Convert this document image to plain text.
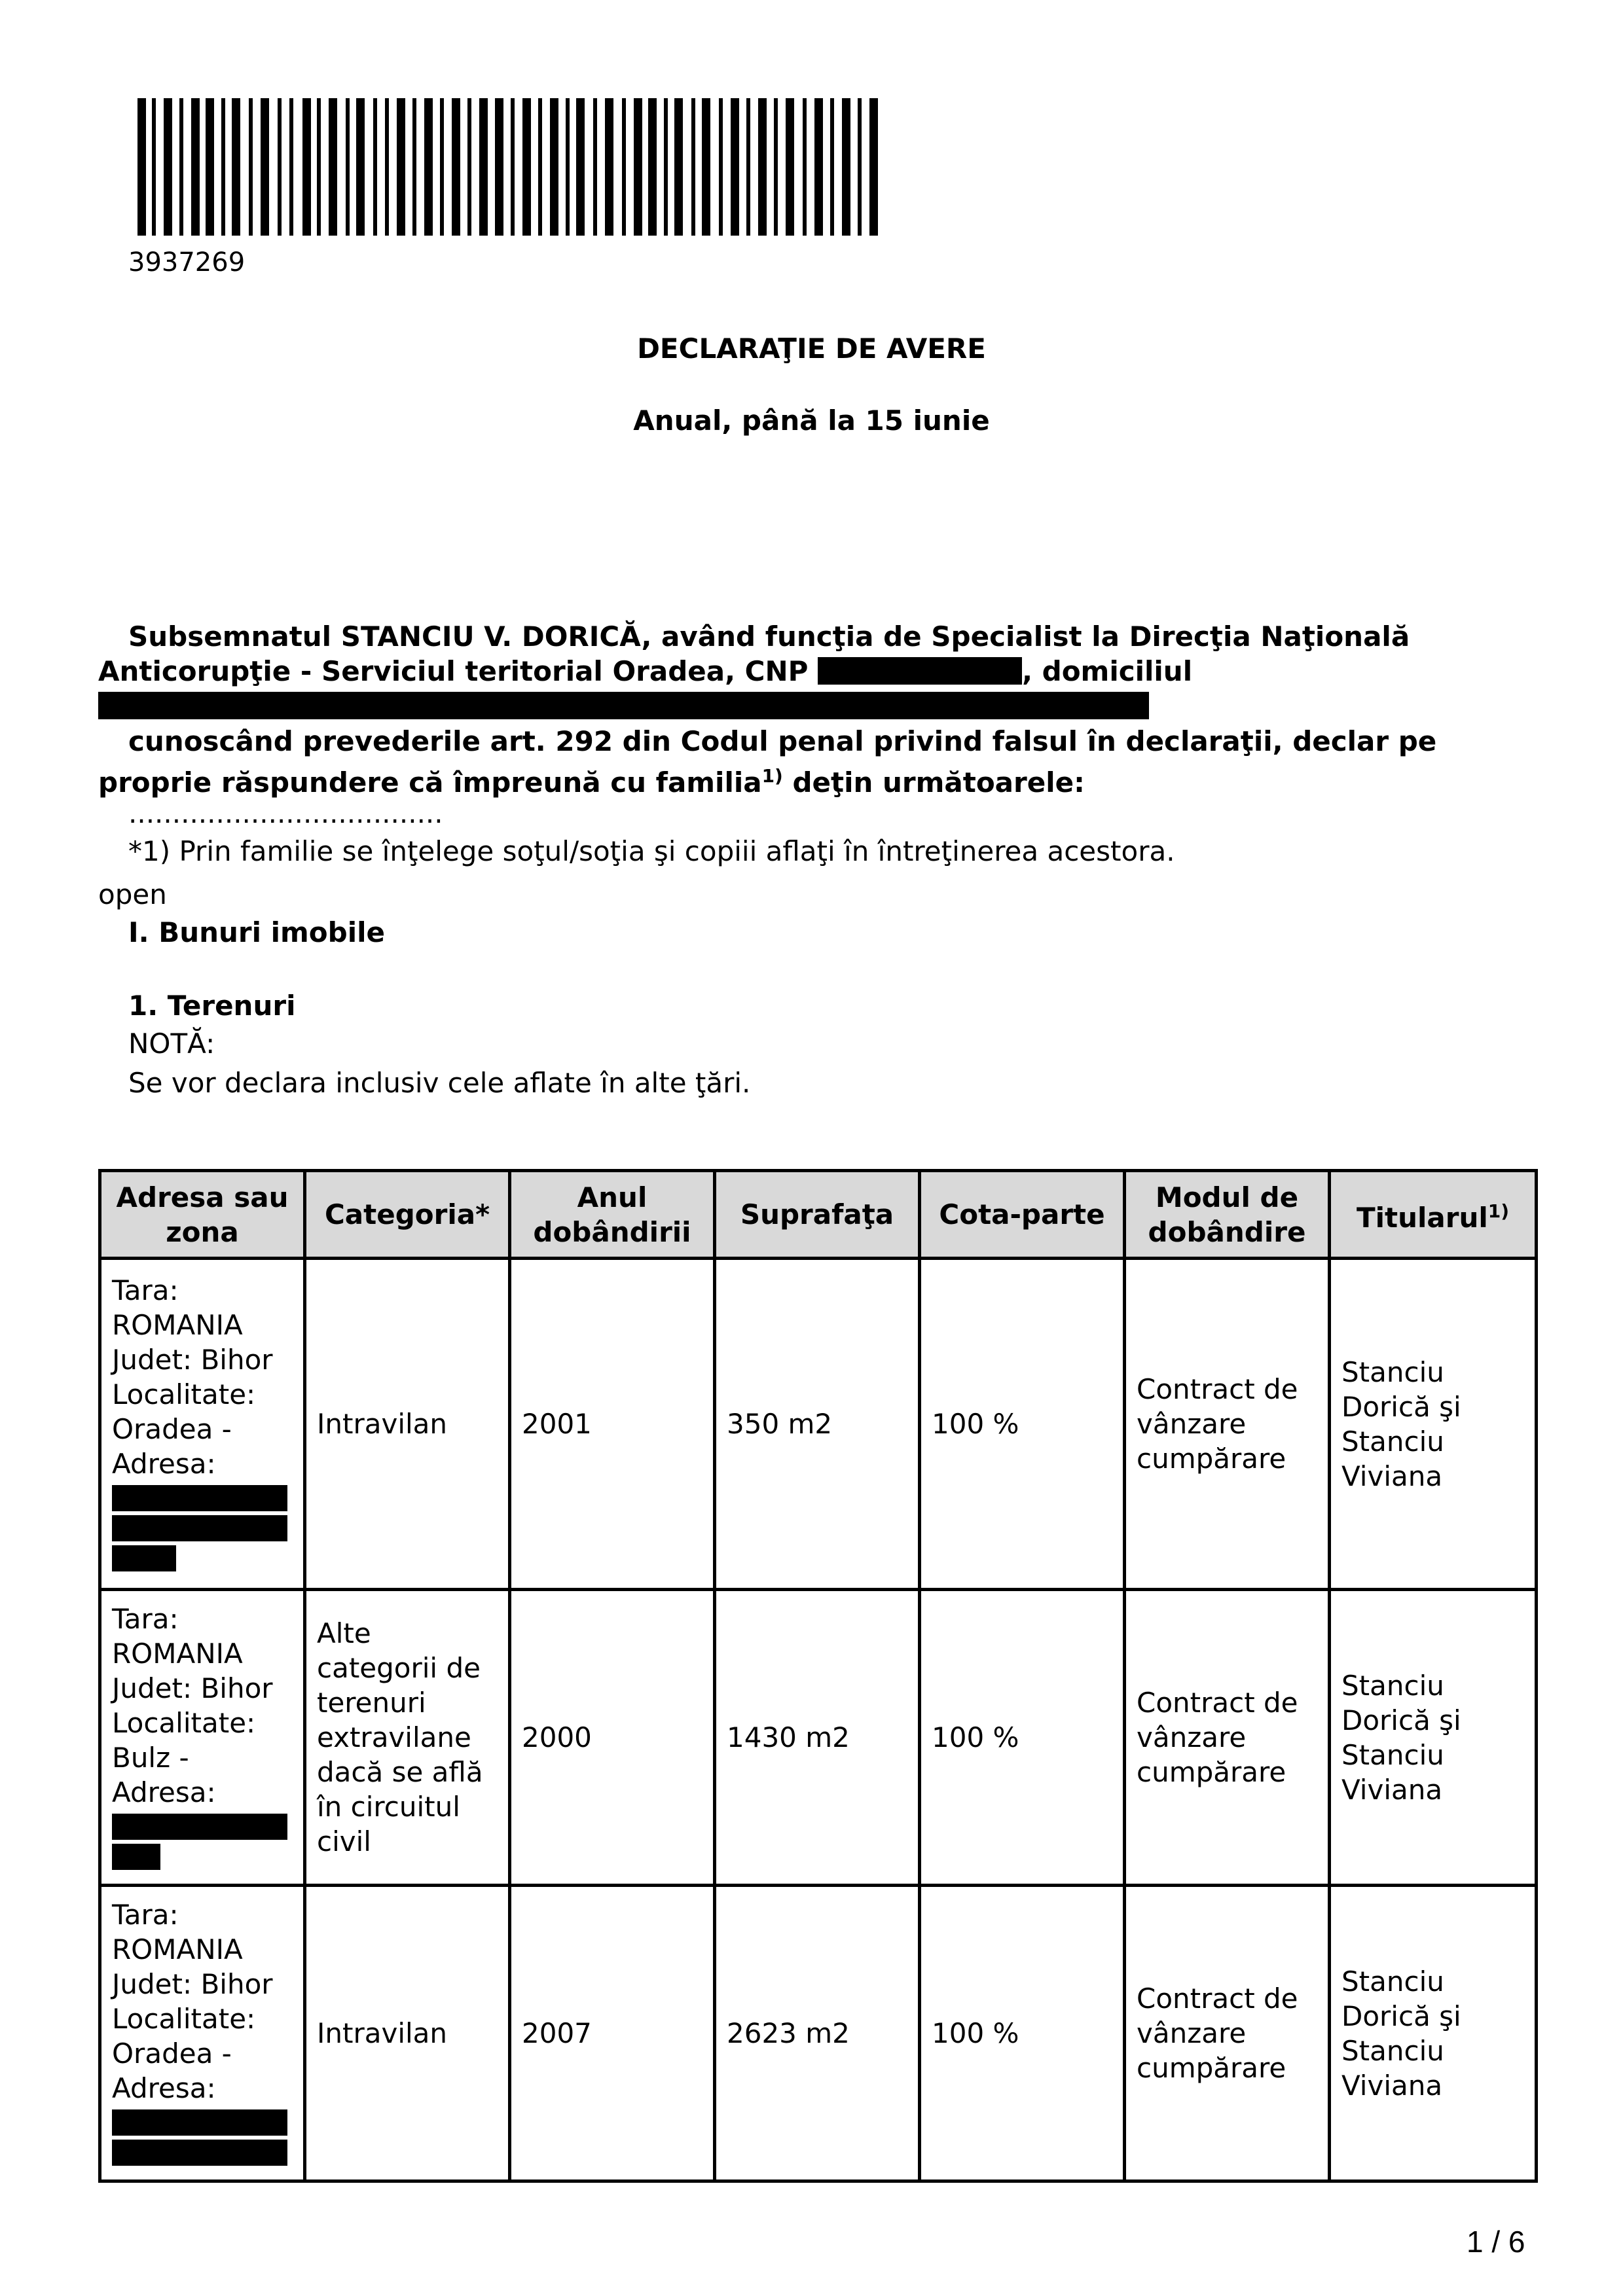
3937269
DECLARAŢIE DE AVERE
Anual, până la 15 iunie
Subsemnatul STANCIU V. DORICĂ, având funcţia de Specialist la Direcţia Naţională Anticorupţie - Serviciul teritorial Oradea, CNP	, domiciliul
cunoscând prevederile art. 292 din Codul penal privind falsul în declaraţii, declar pe proprie răspundere că împreună cu familia$^{1)}$ deţin următoarele:
....................................
*1) Prin familie se înţelege soţul/soţia şi copiii aflaţi în întreţinerea acestora.
open
I. Bunuri imobile
1. Terenuri
NOTĂ:
Se vor declara inclusiv cele aflate în alte ţări.
Adresa sau zona	Categoria*	Anul dobândirii	Suprafaţa	Cota-parte	Modul de dobândire	Titularul$^{1)}$

Tara: ROMANIA
Judet: Bihor
Localitate:
Oradea -
Adresa:	Intravilan	2001	350 m2	100 %	Contract de vânzare cumpărare	Stanciu Dorică şi Stanciu Viviana

Tara: ROMANIA
Judet: Bihor
Localitate:
Bulz -
Adresa:	Alte categorii de terenuri extravilane dacă se află în circuitul civil	2000	1430 m2	100 %	Contract de vânzare cumpărare	Stanciu Dorică şi Stanciu Viviana

Tara: ROMANIA
Judet: Bihor
Localitate:
Oradea -
Adresa:	Intravilan	2007	2623 m2	100 %	Contract de vânzare cumpărare	Stanciu Dorică şi Stanciu Viviana
1 / 6
